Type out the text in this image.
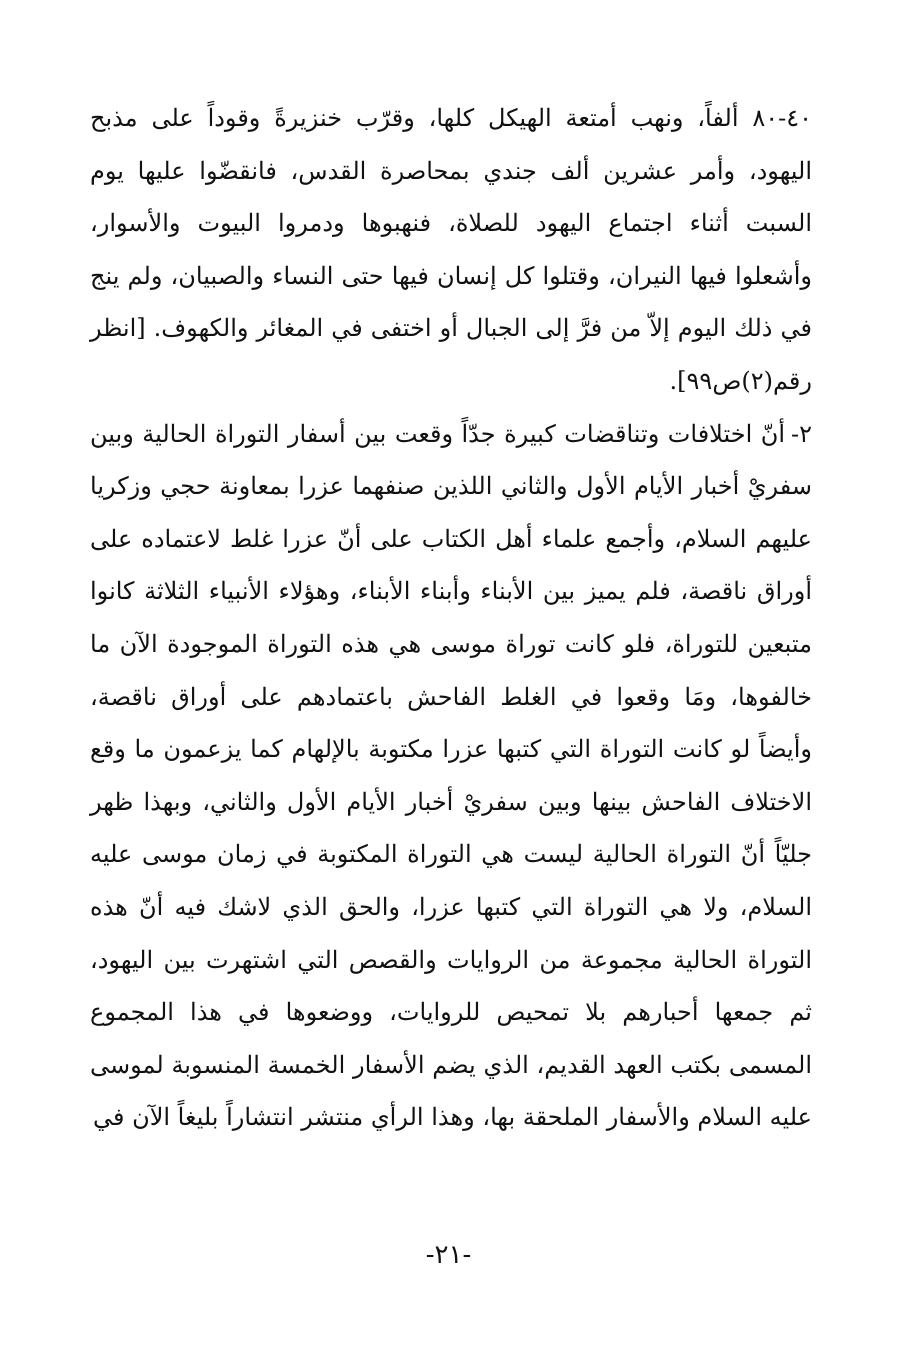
٤٠-٨٠ ألفاً، ونهب أمتعة الهيكل كلها، وقرّب خنزيرةً وقوداً على مذبح اليهود، وأمر عشرين ألف جندي بمحاصرة القدس، فانقضّوا عليها يوم السبت أثناء اجتماع اليهود للصلاة، فنهبوها ودمروا البيوت والأسوار، وأشعلوا فيها النيران، وقتلوا كل إنسان فيها حتى النساء والصبيان، ولم ينج في ذلك اليوم إلاّ من فرَّ إلى الجبال أو اختفى في المغائر والكهوف. [انظر رقم(٢)ص٩٩].

٢-أنّ اختلافات وتناقضات كبيرة جدّاً وقعت بين أسفار التوراة الحالية وبين سفريْ أخبار الأيام الأول والثاني اللذين صنفهما عزرا بمعاونة حجي وزكريا عليهم السلام، وأجمع علماء أهل الكتاب على أنّ عزرا غلط لاعتماده على أوراق ناقصة، فلم يميز بين الأبناء وأبناء الأبناء، وهؤلاء الأنبياء الثلاثة كانوا متبعين للتوراة، فلو كانت توراة موسى هي هذه التوراة الموجودة الآن ما خالفوها، ومَا وقعوا في الغلط الفاحش باعتمادهم على أوراق ناقصة، وأيضاً لو كانت التوراة التي كتبها عزرا مكتوبة بالإلهام كما يزعمون ما وقع الاختلاف الفاحش بينها وبين سفريْ أخبار الأيام الأول والثاني، وبهذا ظهر جليّاً أنّ التوراة الحالية ليست هي التوراة المكتوبة في زمان موسى عليه السلام، ولا هي التوراة التي كتبها عزرا، والحق الذي لاشك فيه أنّ هذه التوراة الحالية مجموعة من الروايات والقصص التي اشتهرت بين اليهود، ثم جمعها أحبارهم بلا تمحيص للروايات، ووضعوها في هذا المجموع المسمى بكتب العهد القديم، الذي يضم الأسفار الخمسة المنسوبة لموسى عليه السلام والأسفار الملحقة بها، وهذا الرأي منتشر انتشاراً بليغاً الآن في

-٢١-
